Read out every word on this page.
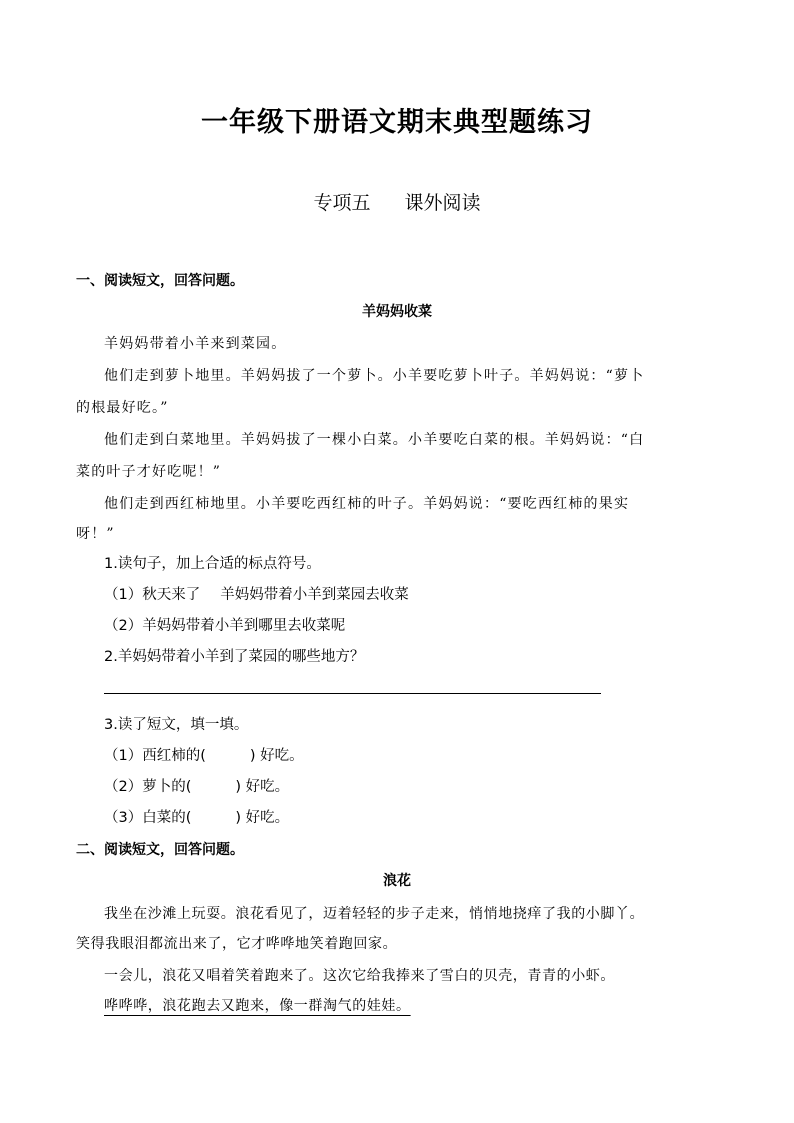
一年级下册语文期末典型题练习
专项五 课外阅读
一、阅读短文，回答问题。
羊妈妈收菜
羊妈妈带着小羊来到菜园。
他们走到萝卜地里。羊妈妈拔了一个萝卜。小羊要吃萝卜叶子。羊妈妈说：“萝卜
的根最好吃。”
他们走到白菜地里。羊妈妈拔了一棵小白菜。小羊要吃白菜的根。羊妈妈说：“白
菜的叶子才好吃呢！”
他们走到西红柿地里。小羊要吃西红柿的叶子。羊妈妈说：“要吃西红柿的果实
呀！”
1.读句子，加上合适的标点符号。
（1）秋天来了 羊妈妈带着小羊到菜园去收菜
（2）羊妈妈带着小羊到哪里去收菜呢
2.羊妈妈带着小羊到了菜园的哪些地方？
3.读了短文，填一填。
（1）西红柿的(	) 好吃。
（2）萝卜的(	) 好吃。
（3）白菜的(	) 好吃。
二、阅读短文，回答问题。
浪花
我坐在沙滩上玩耍。浪花看见了，迈着轻轻的步子走来，悄悄地挠痒了我的小脚丫。
笑得我眼泪都流出来了，它才哗哗地笑着跑回家。
一会儿，浪花又唱着笑着跑来了。这次它给我捧来了雪白的贝壳，青青的小虾。
哗哗哗，浪花跑去又跑来，像一群淘气的娃娃。
